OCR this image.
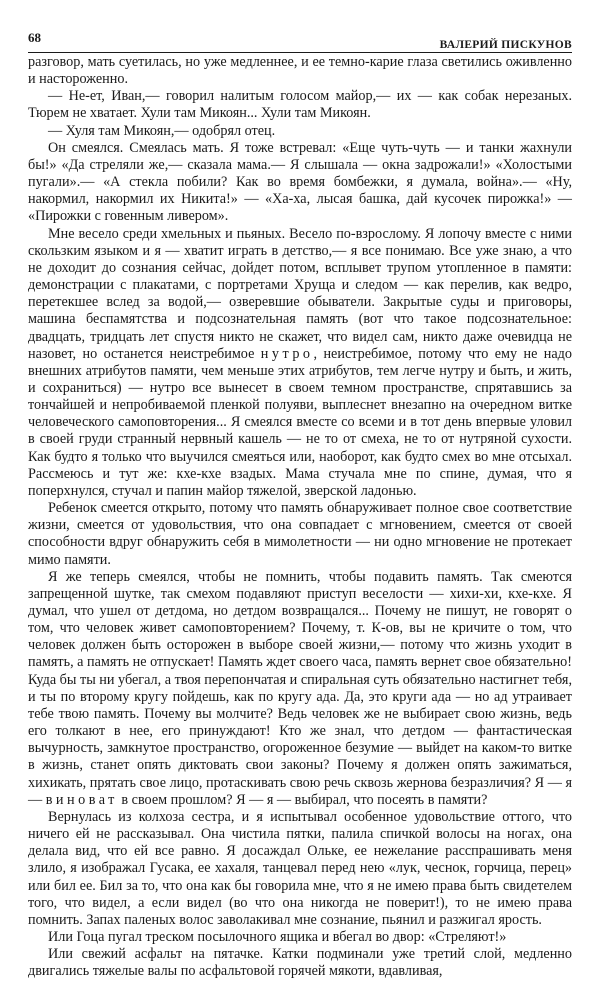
68	ВАЛЕРИЙ ПИСКУНОВ

разговор, мать суетилась, но уже медленнее, и ее темно-карие глаза светились оживленно и настороженно.

— Не-ет, Иван,— говорил налитым голосом майор,— их — как собак нерезаных. Тюрем не хватает. Хули там Микоян... Хули там Микоян.

— Хуля там Микоян,— одобрял отец.

Он смеялся. Смеялась мать. Я тоже встревал: «Еще чуть-чуть — и танки жахнули бы!» «Да стреляли же,— сказала мама.— Я слышала — окна задрожали!» «Холостыми пугали».— «А стекла побили? Как во время бомбежки, я думала, война».— «Ну, накормил, накормил их Никита!» — «Ха-ха, лысая башка, дай кусочек пирожка!» — «Пирожки с говенным ливером».

Мне весело среди хмельных и пьяных. Весело по-взрослому. Я лопочу вместе с ними скользким языком и я — хватит играть в детство,— я все понимаю. Все уже знаю, а что не доходит до сознания сейчас, дойдет потом, всплывет трупом утопленное в памяти: демонстрации с плакатами, с портретами Хруща и следом — как перелив, как ведро, перетекшее вслед за водой,— озверевшие обыватели. Закрытые суды и приговоры, машина беспамятства и подсознательная память (вот что такое подсознательное: двадцать, тридцать лет спустя никто не скажет, что видел сам, никто даже очевидца не назовет, но останется неистребимое нутро, неистребимое, потому что ему не надо внешних атрибутов памяти, чем меньше этих атрибутов, тем легче нутру и быть, и жить, и сохраниться) — нутро все вынесет в своем темном пространстве, спрятавшись за тончайшей и непробиваемой пленкой полуяви, выплеснет внезапно на очередном витке человеческого самоповторения... Я смеялся вместе со всеми и в тот день впервые уловил в своей груди странный нервный кашель — не то от смеха, не то от нутряной сухости. Как будто я только что выучился смеяться или, наоборот, как будто смех во мне отсыхал. Рассмеюсь и тут же: кхе-кхе взадых. Мама стучала мне по спине, думая, что я поперхнулся, стучал и папин майор тяжелой, зверской ладонью.

Ребенок смеется открыто, потому что память обнаруживает полное свое соответствие жизни, смеется от удовольствия, что она совпадает с мгновением, смеется от своей способности вдруг обнаружить себя в мимолетности — ни одно мгновение не протекает мимо памяти.

Я же теперь смеялся, чтобы не помнить, чтобы подавить память. Так смеются запрещенной шутке, так смехом подавляют приступ веселости — хихи-хи, кхе-кхе. Я думал, что ушел от детдома, но детдом возвращался... Почему не пишут, не говорят о том, что человек живет самоповторением? Почему, т. К-ов, вы не кричите о том, что человек должен быть осторожен в выборе своей жизни,— потому что жизнь уходит в память, а память не отпускает! Память ждет своего часа, память вернет свое обязательно! Куда бы ты ни убегал, а твоя перепончатая и спиральная суть обязательно настигнет тебя, и ты по второму кругу пойдешь, как по кругу ада. Да, это круги ада — но ад утраивает тебе твою память. Почему вы молчите? Ведь человек же не выбирает свою жизнь, ведь его толкают в нее, его принуждают! Кто же знал, что детдом — фантастическая вычурность, замкнутое пространство, огороженное безумие — выйдет на каком-то витке в жизнь, станет опять диктовать свои законы? Почему я должен опять зажиматься, хихикать, прятать свое лицо, протаскивать свою речь сквозь жернова безразличия? Я — я — виноват в своем прошлом? Я — я — выбирал, что посеять в памяти?

Вернулась из колхоза сестра, и я испытывал особенное удовольствие оттого, что ничего ей не рассказывал. Она чистила пятки, палила спичкой волосы на ногах, она делала вид, что ей все равно. Я досаждал Ольке, ее нежелание расспрашивать меня злило, я изображал Гусака, ее хахаля, танцевал перед нею «лук, чеснок, горчица, перец» или бил ее. Бил за то, что она как бы говорила мне, что я не имею права быть свидетелем того, что видел, а если видел (во что она никогда не поверит!), то не имею права помнить. Запах паленых волос заволакивал мне сознание, пьянил и разжигал ярость.

Или Гоца пугал треском посылочного ящика и вбегал во двор: «Стреляют!»

Или свежий асфальт на пятачке. Катки подминали уже третий слой, медленно двигались тяжелые валы по асфальтовой горячей мякоти, вдавливая,
